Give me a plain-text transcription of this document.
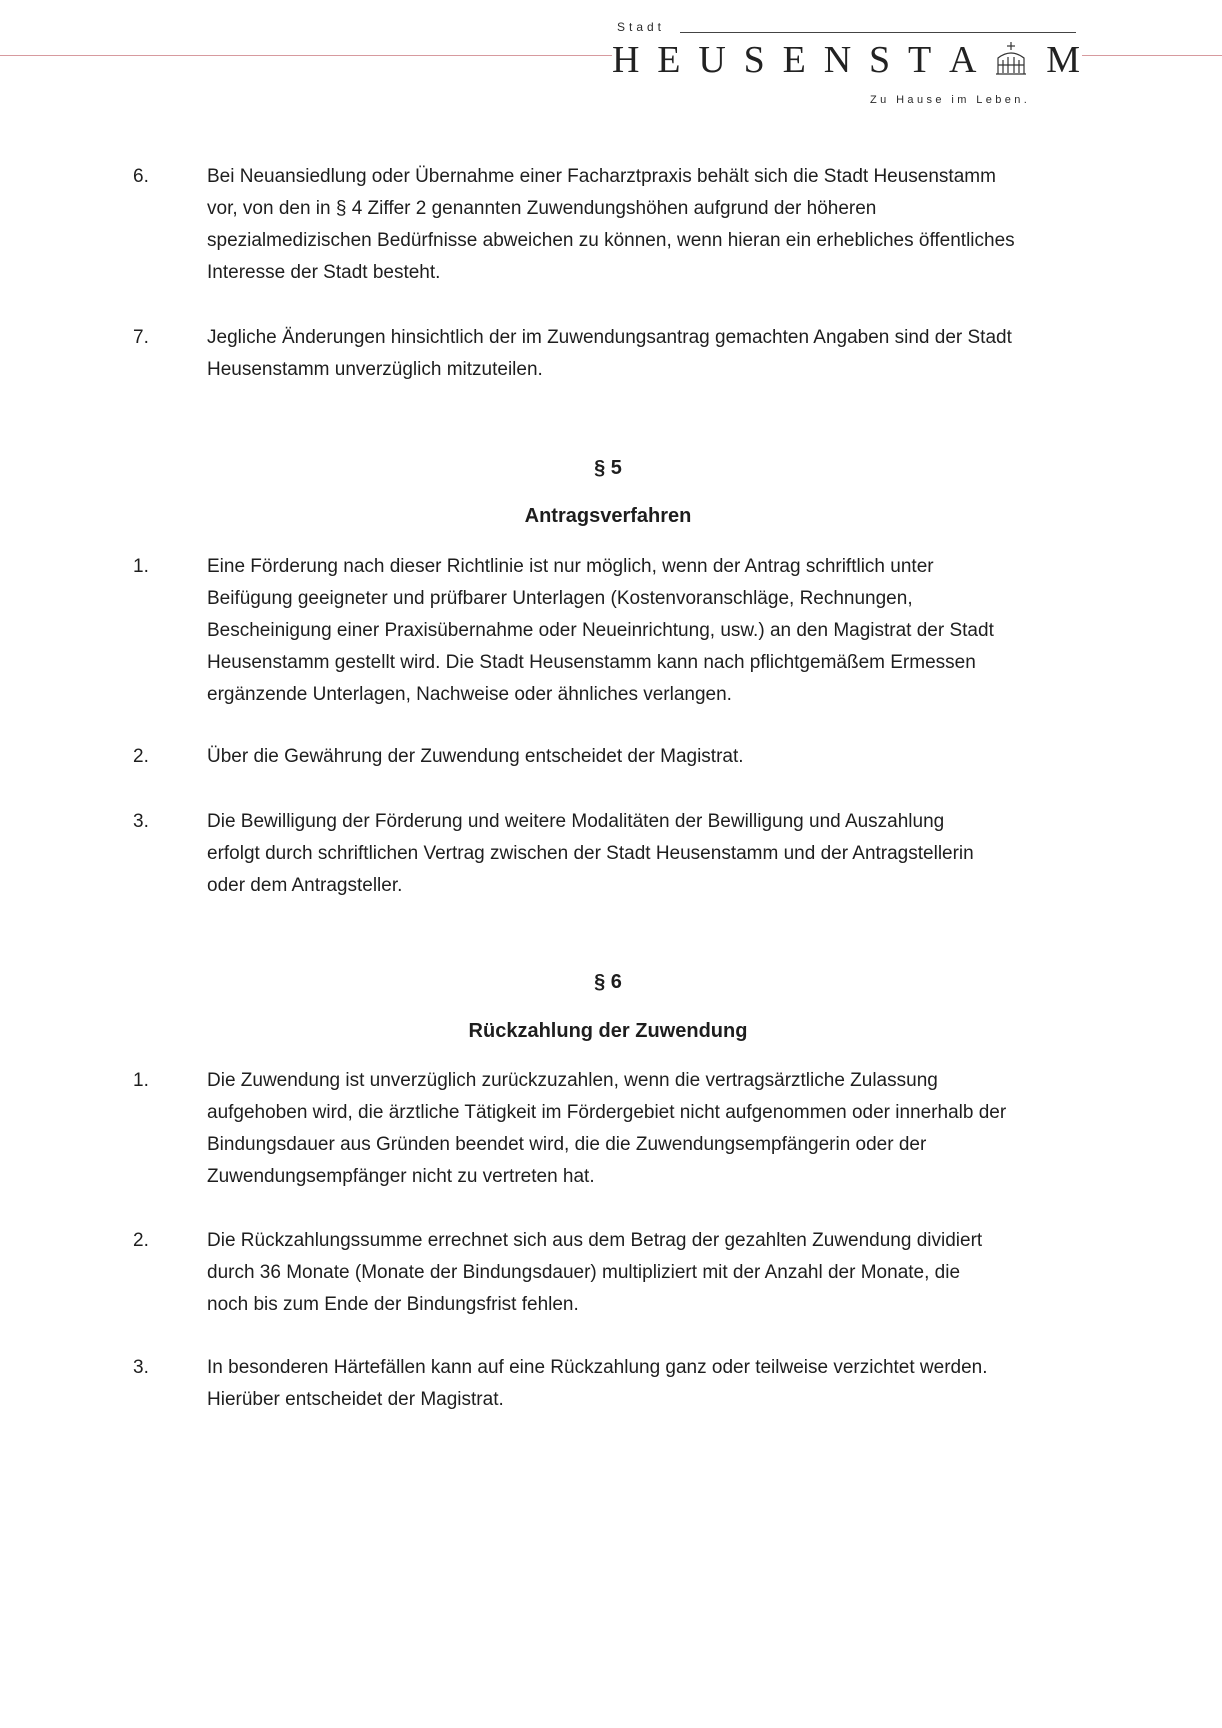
Stadt
H E U S E N S T A M
Zu Hause im Leben.
6.	Bei Neuansiedlung oder Übernahme einer Facharztpraxis behält sich die Stadt Heusenstamm
vor, von den in § 4 Ziffer 2 genannten Zuwendungshöhen aufgrund der höheren
spezialmedizischen Bedürfnisse abweichen zu können, wenn hieran ein erhebliches öffentliches
Interesse der Stadt besteht.
7.	Jegliche Änderungen hinsichtlich der im Zuwendungsantrag gemachten Angaben sind der Stadt
Heusenstamm unverzüglich mitzuteilen.
§ 5
Antragsverfahren
1.	Eine Förderung nach dieser Richtlinie ist nur möglich, wenn der Antrag schriftlich unter
Beifügung geeigneter und prüfbarer Unterlagen (Kostenvoranschläge, Rechnungen,
Bescheinigung einer Praxisübernahme oder Neueinrichtung, usw.) an den Magistrat der Stadt
Heusenstamm gestellt wird. Die Stadt Heusenstamm kann nach pflichtgemäßem Ermessen
ergänzende Unterlagen, Nachweise oder ähnliches verlangen.
2.	Über die Gewährung der Zuwendung entscheidet der Magistrat.
3.	Die Bewilligung der Förderung und weitere Modalitäten der Bewilligung und Auszahlung
erfolgt durch schriftlichen Vertrag zwischen der Stadt Heusenstamm und der Antragstellerin
oder dem Antragsteller.
§ 6
Rückzahlung der Zuwendung
1.	Die Zuwendung ist unverzüglich zurückzuzahlen, wenn die vertragsärztliche Zulassung
aufgehoben wird, die ärztliche Tätigkeit im Fördergebiet nicht aufgenommen oder innerhalb der
Bindungsdauer aus Gründen beendet wird, die die Zuwendungsempfängerin oder der
Zuwendungsempfänger nicht zu vertreten hat.
2.	Die Rückzahlungssumme errechnet sich aus dem Betrag der gezahlten Zuwendung dividiert
durch 36 Monate (Monate der Bindungsdauer) multipliziert mit der Anzahl der Monate, die
noch bis zum Ende der Bindungsfrist fehlen.
3.	In besonderen Härtefällen kann auf eine Rückzahlung ganz oder teilweise verzichtet werden.
Hierüber entscheidet der Magistrat.
